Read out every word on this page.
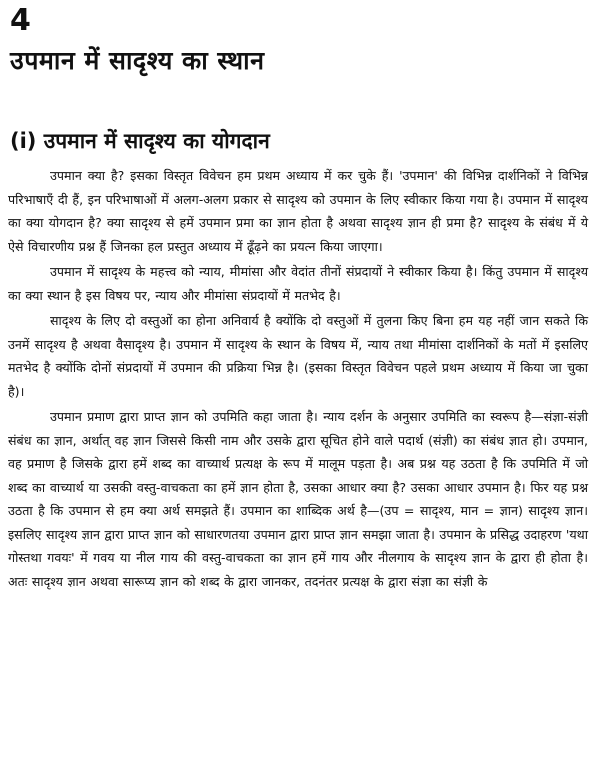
4
उपमान में सादृश्य का स्थान
(i) उपमान में सादृश्य का योगदान

उपमान क्या है? इसका विस्तृत विवेचन हम प्रथम अध्याय में कर चुके हैं। 'उपमान' की विभिन्न दार्शनिकों ने विभिन्न परिभाषाएँ दी हैं, इन परिभाषाओं में अलग-अलग प्रकार से सादृश्य को उपमान के लिए स्वीकार किया गया है। उपमान में सादृश्य का क्या योगदान है? क्या सादृश्य से हमें उपमान प्रमा का ज्ञान होता है अथवा सादृश्य ज्ञान ही प्रमा है? सादृश्य के संबंध में ये ऐसे विचारणीय प्रश्न हैं जिनका हल प्रस्तुत अध्याय में ढूँढ़ने का प्रयत्न किया जाएगा।

उपमान में सादृश्य के महत्त्व को न्याय, मीमांसा और वेदांत तीनों संप्रदायों ने स्वीकार किया है। किंतु उपमान में सादृश्य का क्या स्थान है इस विषय पर, न्याय और मीमांसा संप्रदायों में मतभेद है।

सादृश्य के लिए दो वस्तुओं का होना अनिवार्य है क्योंकि दो वस्तुओं में तुलना किए बिना हम यह नहीं जान सकते कि उनमें सादृश्य है अथवा वैसादृश्य है। उपमान में सादृश्य के स्थान के विषय में, न्याय तथा मीमांसा दार्शनिकों के मतों में इसलिए मतभेद है क्योंकि दोनों संप्रदायों में उपमान की प्रक्रिया भिन्न है। (इसका विस्तृत विवेचन पहले प्रथम अध्याय में किया जा चुका है)।

उपमान प्रमाण द्वारा प्राप्त ज्ञान को उपमिति कहा जाता है। न्याय दर्शन के अनुसार उपमिति का स्वरूप है—संज्ञा-संज्ञी संबंध का ज्ञान, अर्थात् वह ज्ञान जिससे किसी नाम और उसके द्वारा सूचित होने वाले पदार्थ (संज्ञी) का संबंध ज्ञात हो। उपमान, वह प्रमाण है जिसके द्वारा हमें शब्द का वाच्यार्थ प्रत्यक्ष के रूप में मालूम पड़ता है। अब प्रश्न यह उठता है कि उपमिति में जो शब्द का वाच्यार्थ या उसकी वस्तु-वाचकता का हमें ज्ञान होता है, उसका आधार क्या है? उसका आधार उपमान है। फिर यह प्रश्न उठता है कि उपमान से हम क्या अर्थ समझते हैं। उपमान का शाब्दिक अर्थ है—(उप = सादृश्य, मान = ज्ञान) सादृश्य ज्ञान। इसलिए सादृश्य ज्ञान द्वारा प्राप्त ज्ञान को साधारणतया उपमान द्वारा प्राप्त ज्ञान समझा जाता है। उपमान के प्रसिद्ध उदाहरण 'यथा गोस्तथा गवयः' में गवय या नील गाय की वस्तु-वाचकता का ज्ञान हमें गाय और नीलगाय के सादृश्य ज्ञान के द्वारा ही होता है। अतः सादृश्य ज्ञान अथवा सारूप्य ज्ञान को शब्द के द्वारा जानकर, तदनंतर प्रत्यक्ष के द्वारा संज्ञा का संज्ञी के
